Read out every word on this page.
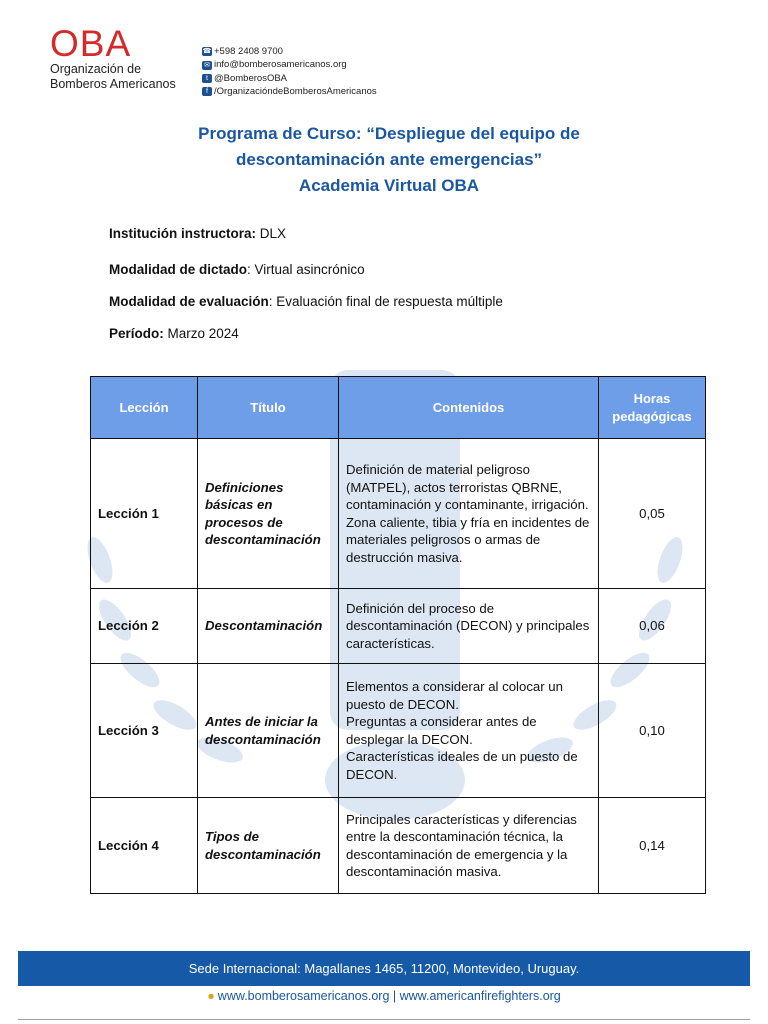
OBA
Organización de
Bomberos Americanos
☎ +598 2408 9700
✉ info@bomberosamericanos.org
t @BomberosOBA
f /OrganizacióndeBomberosAmericanos
Programa de Curso: “Despliegue del equipo de
descontaminación ante emergencias”
Academia Virtual OBA
Institución instructora: DLX
Modalidad de dictado: Virtual asincrónico
Modalidad de evaluación: Evaluación final de respuesta múltiple
Período: Marzo 2024
Lección	Título	Contenidos	Horas pedagógicas
Lección 1	Definiciones básicas en procesos de descontaminación	Definición de material peligroso (MATPEL), actos terroristas QBRNE, contaminación y contaminante, irrigación.
Zona caliente, tibia y fría en incidentes de materiales peligrosos o armas de destrucción masiva.	0,05
Lección 2	Descontaminación	Definición del proceso de descontaminación (DECON) y principales características.	0,06
Lección 3	Antes de iniciar la descontaminación	Elementos a considerar al colocar un puesto de DECON.
Preguntas a considerar antes de desplegar la DECON.
Características ideales de un puesto de DECON.	0,10
Lección 4	Tipos de descontaminación	Principales características y diferencias entre la descontaminación técnica, la descontaminación de emergencia y la descontaminación masiva.	0,14
Sede Internacional: Magallanes 1465, 11200, Montevideo, Uruguay.
● www.bomberosamericanos.org | www.americanfirefighters.org
